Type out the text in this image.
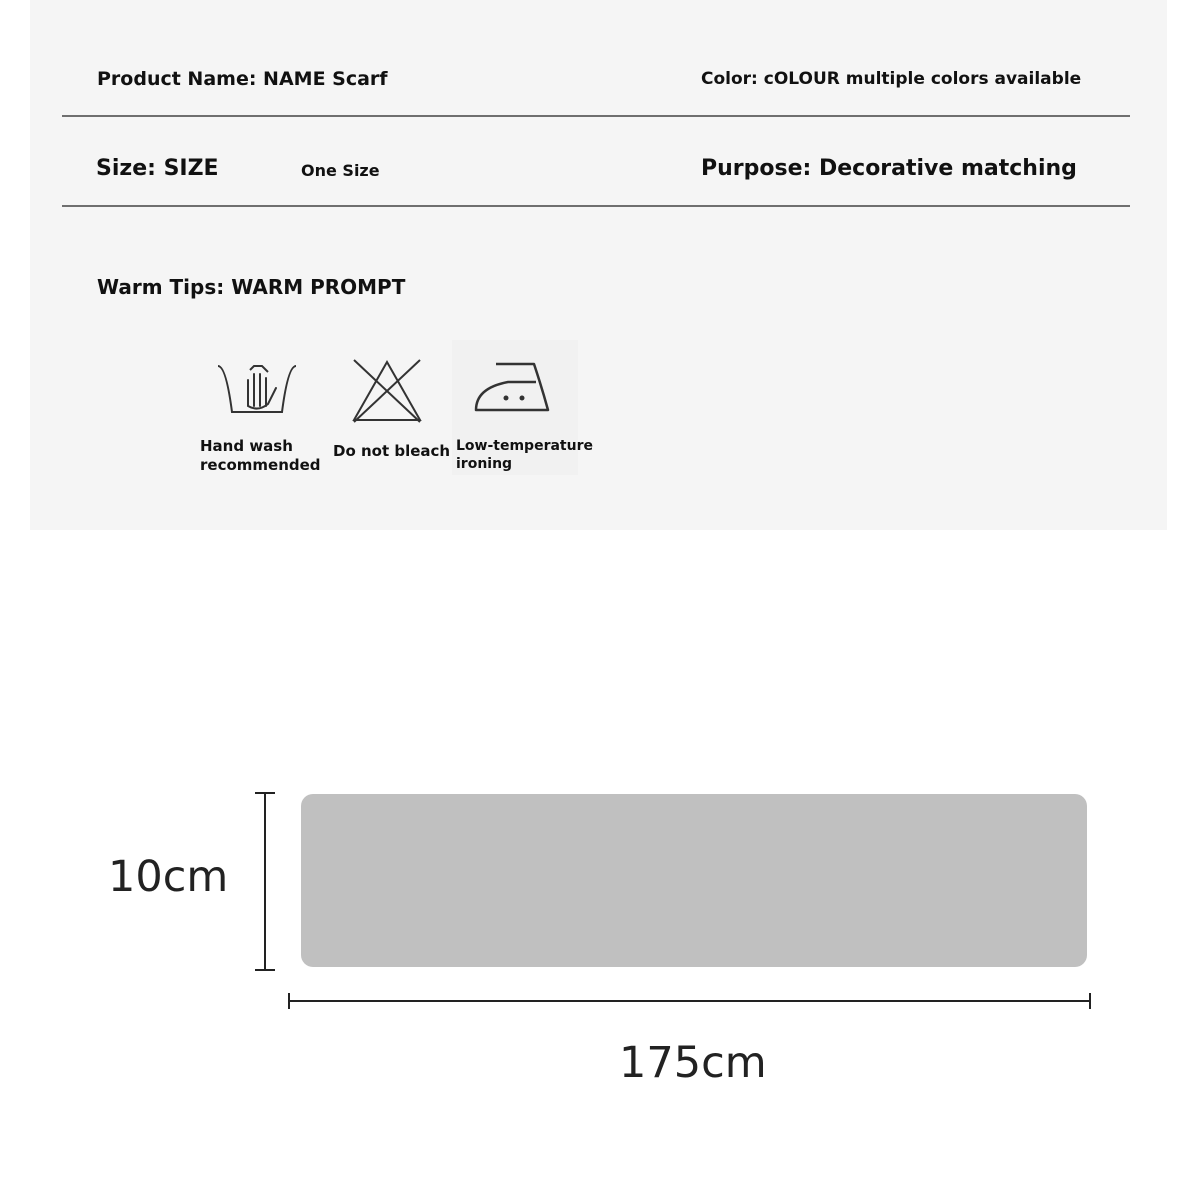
Product Name: NAME Scarf	Color: cOLOUR multiple colors available
Size: SIZE	One Size	Purpose: Decorative matching
Warm Tips: WARM PROMPT
Hand wash
recommended
Do not bleach Low-temperature
ironing
10cm
175cm
